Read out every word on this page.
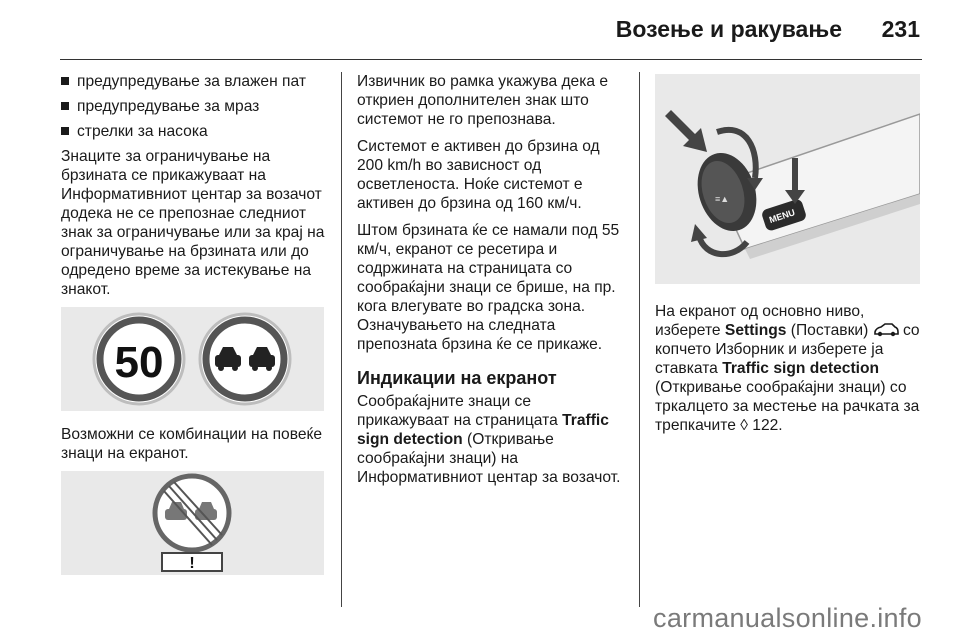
Возење и ракување 231
предупредување за влажен пат
предупредување за мраз
стрелки за насока

Знаците за ограничување на брзината се прикажуваат на Информативниот центар за возачот додека не се препознае следниот знак за ограничување или за крај на ограничување на брзината или до одредено време за истекување на знакот.

50

Возможни се комбинации на повеќе знаци на екранот.

!

Извичник во рамка укажува дека е откриен дополнителен знак што системот не го препознава.

Системот е активен до брзина од 200 km/h во зависност од осветленоста. Ноќе системот е активен до брзина од 160 км/ч.

Штом брзината ќе се намали под 55 км/ч, екранот се ресетира и содржината на страницата со сообраќајни знаци се брише, на пр. кога влегувате во градска зона. Означувањето на следната препознаta брзина ќе се прикаже.

Индикации на екранот

Сообраќајните знаци се прикажуваат на страницата Traffic sign detection (Откривање сообраќајни знаци) на Информативниот центар за возачот.

≡▲
MENU

На екранот од основно ниво, изберете Settings (Поставки)  со копчето Изборник и изберете ја ставката Traffic sign detection (Откривање сообраќајни знаци) со тркалцето за местење на рачката за трепкачите ◊ 122.

carmanualsonline.info
